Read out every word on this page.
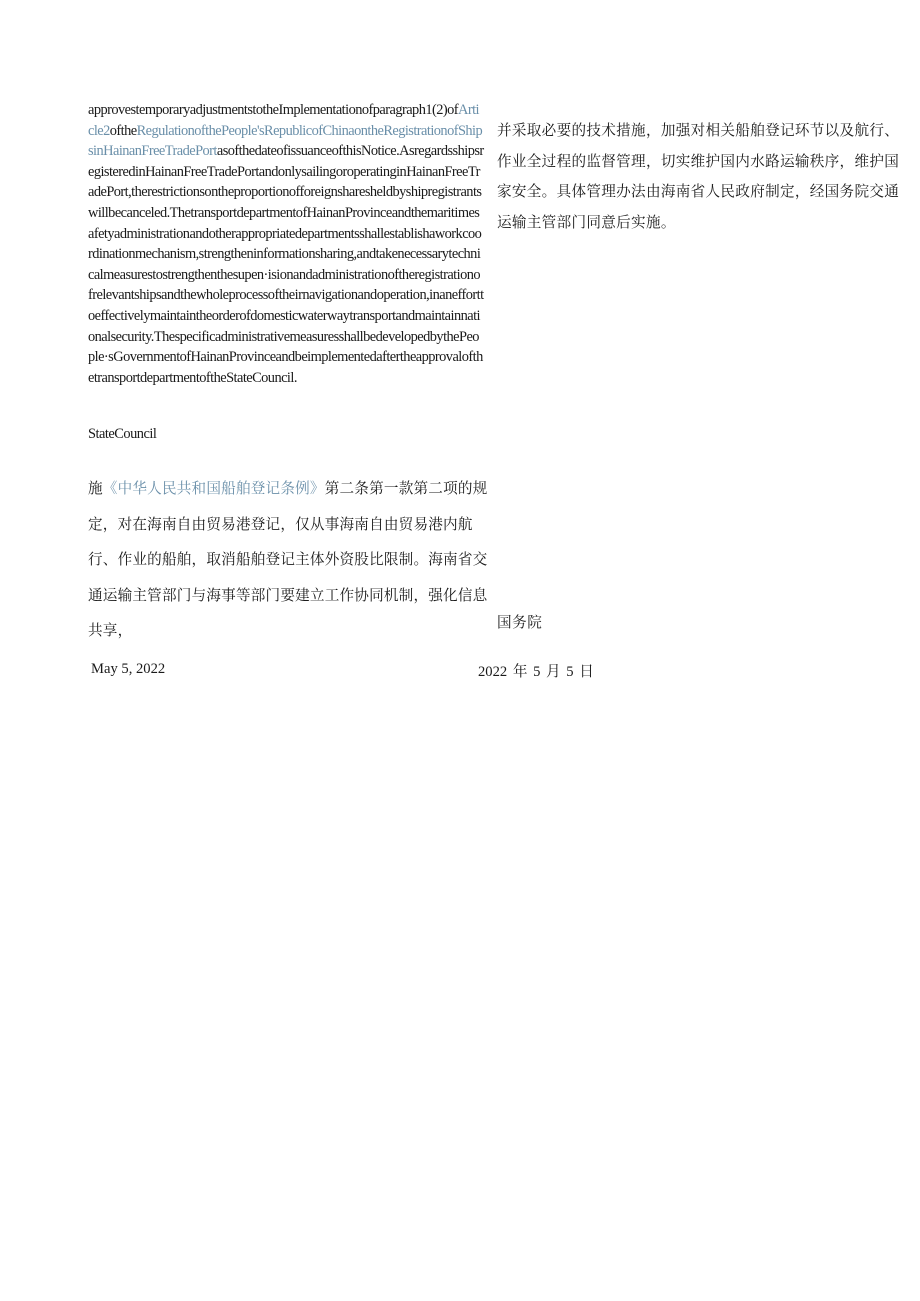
approvestemporaryadjustmentstotheImplementationofparagraph1(2)ofArticle2oftheRegulationofthePeople'sRepublicofChinaontheRegistrationofShipsinHainanFreeTradePortasofthedateofissuanceofthisNotice.AsregardsshipsregisteredinHainanFreeTradePortandonlysailingoroperatinginHainanFreeTradePort,therestrictionsontheproportionofforeignsharesheldbyshipregistrantswillbecanceled.ThetransportdepartmentofHainanProvinceandthemaritimesafetyadministrationandotherappropriatedepartmentsshallestablishaworkcoordinationmechanism,strengtheninformationsharing,andtakenecessarytechnicalmeasurestostrengthenthesupen·isionandadministrationoftheregistrationofrelevantshipsandthewholeprocessoftheirnavigationandoperation,inanefforttoeffectivelymaintaintheorderofdomesticwaterwaytransportandmaintainnationalsecurity.ThespecificadministrativemeasuresshallbedevelopedbythePeople·sGovernmentofHainanProvinceandbeimplementedaftertheapprovalofthetransportdepartmentoftheStateCouncil.
并采取必要的技术措施，加强对相关船舶登记环节以及航行、作业全过程的监督管理，切实维护国内水路运输秩序，维护国家安全。具体管理办法由海南省人民政府制定，经国务院交通运输主管部门同意后实施。
StateCouncil
施《中华人民共和国船舶登记条例》第二条第一款第二项的规定，对在海南自由贸易港登记，仅从事海南自由贸易港内航行、作业的船舶，取消船舶登记主体外资股比限制。海南省交通运输主管部门与海事等部门要建立工作协同机制，强化信息共享，	国务院
May 5, 2022	2022 年 5 月 5 日
